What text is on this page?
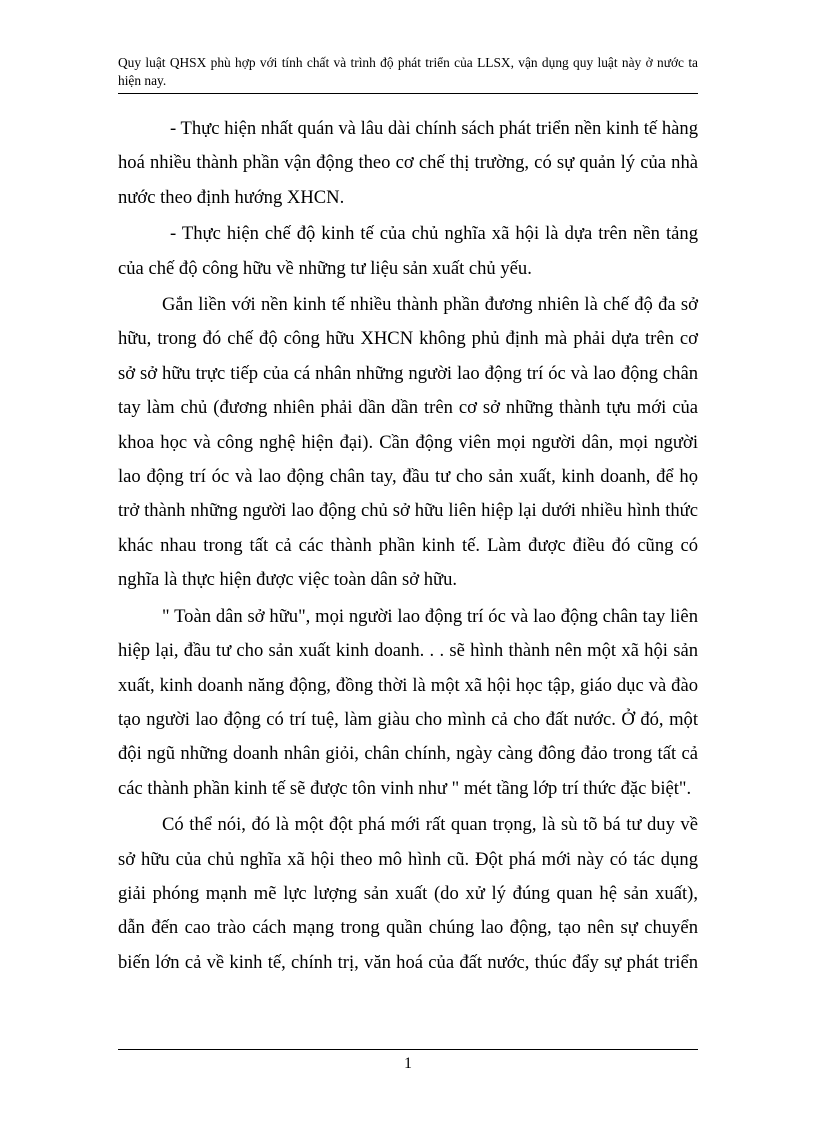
Quy luật QHSX phù hợp với tính chất và trình độ phát triển của LLSX, vận dụng quy luật này ở nước ta hiện nay.

- Thực hiện nhất quán và lâu dài chính sách phát triển nền kinh tế hàng hoá nhiều thành phần vận động theo cơ chế thị trường, có sự quản lý của nhà nước theo định hướng XHCN.

- Thực hiện chế độ kinh tế của chủ nghĩa xã hội là dựa trên nền tảng của chế độ công hữu về những tư liệu sản xuất chủ yếu.

Gắn liền với nền kinh tế nhiều thành phần đương nhiên là chế độ đa sở hữu, trong đó chế độ công hữu XHCN không phủ định mà phải dựa trên cơ sở sở hữu trực tiếp của cá nhân những người lao động trí óc và lao động chân tay làm chủ (đương nhiên phải dần dần trên cơ sở những thành tựu mới của khoa học và công nghệ hiện đại). Cần động viên mọi người dân, mọi người lao động trí óc và lao động chân tay, đầu tư cho sản xuất, kinh doanh, để họ trở thành những người lao động chủ sở hữu liên hiệp lại dưới nhiều hình thức khác nhau trong tất cả các thành phần kinh tế. Làm được điều đó cũng có nghĩa là thực hiện được việc toàn dân sở hữu.

" Toàn dân sở hữu", mọi người lao động trí óc và lao động chân tay liên hiệp lại, đầu tư cho sản xuất kinh doanh. . . sẽ hình thành nên một xã hội sản xuất, kinh doanh năng động, đồng thời là một xã hội học tập, giáo dục và đào tạo người lao động có trí tuệ, làm giàu cho mình cả cho đất nước. Ở đó, một đội ngũ những doanh nhân giỏi, chân chính, ngày càng đông đảo trong tất cả các thành phần kinh tế sẽ được tôn vinh như " mét tầng lớp trí thức đặc biệt".

Có thể nói, đó là một đột phá mới rất quan trọng, là sù tõ bá tư duy về sở hữu của chủ nghĩa xã hội theo mô hình cũ. Đột phá mới này có tác dụng giải phóng mạnh mẽ lực lượng sản xuất (do xử lý đúng quan hệ sản xuất), dẫn đến cao trào cách mạng trong quần chúng lao động, tạo nên sự chuyển biến lớn cả về kinh tế, chính trị, văn hoá của đất nước, thúc đẩy sự phát triển

1
